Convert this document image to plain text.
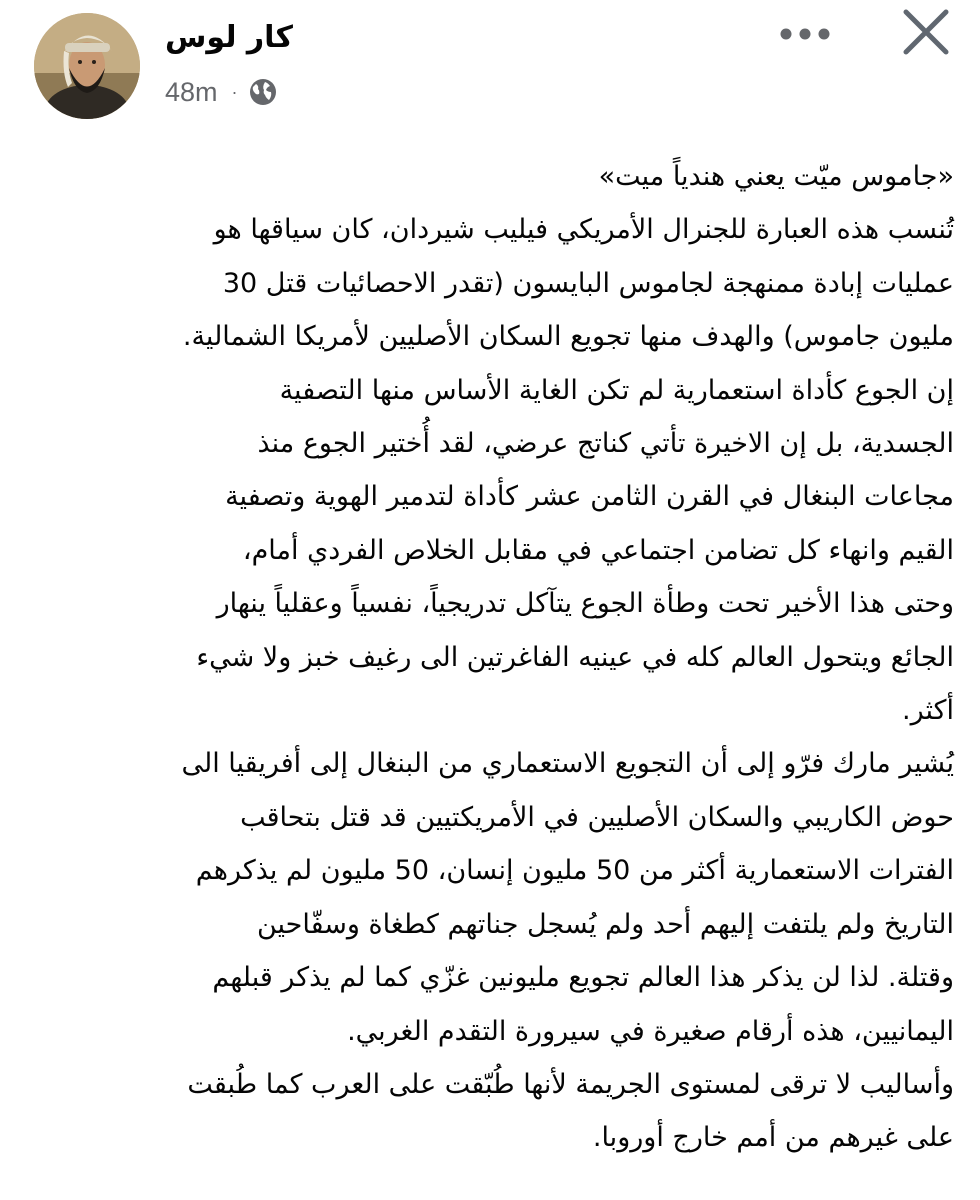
كار لوس
48m ·

«جاموس ميّت يعني هندياً ميت»

تُنسب هذه العبارة للجنرال الأمريكي فيليب شيردان، كان سياقها هو

عمليات إبادة ممنهجة لجاموس البايسون (تقدر الاحصائيات قتل 30

مليون جاموس) والهدف منها تجويع السكان الأصليين لأمريكا الشمالية.

إن الجوع كأداة استعمارية لم تكن الغاية الأساس منها التصفية

الجسدية، بل إن الاخيرة تأتي كناتج عرضي، لقد أُختير الجوع منذ

مجاعات البنغال في القرن الثامن عشر كأداة لتدمير الهوية وتصفية

القيم وانهاء كل تضامن اجتماعي في مقابل الخلاص الفردي أمام،

وحتى هذا الأخير تحت وطأة الجوع يتآكل تدريجياً، نفسياً وعقلياً ينهار

الجائع ويتحول العالم كله في عينيه الفاغرتين الى رغيف خبز ولا شيء

أكثر.

يُشير مارك فرّو إلى أن التجويع الاستعماري من البنغال إلى أفريقيا الى

حوض الكاريبي والسكان الأصليين في الأمريكتيين قد قتل بتحاقب

الفترات الاستعمارية أكثر من 50 مليون إنسان، 50 مليون لم يذكرهم

التاريخ ولم يلتفت إليهم أحد ولم يُسجل جناتهم كطغاة وسفّاحين

وقتلة. لذا لن يذكر هذا العالم تجويع مليونين غزّي كما لم يذكر قبلهم

اليمانيين، هذه أرقام صغيرة في سيرورة التقدم الغربي.

وأساليب لا ترقى لمستوى الجريمة لأنها طُبّقت على العرب كما طُبقت

على غيرهم من أمم خارج أوروبا.
